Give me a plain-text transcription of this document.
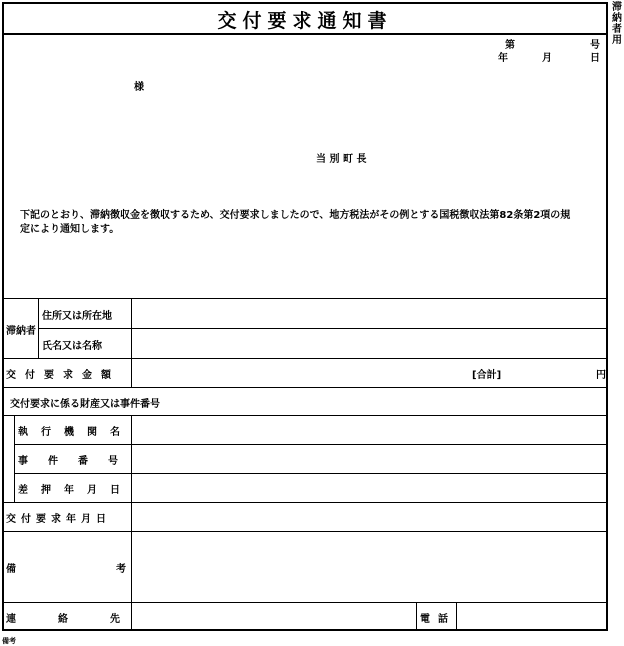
交付要求通知書
第	号
年	月	日
様
当 別 町 長
下記のとおり、滞納徴収金を徴収するため、交付要求しましたので、地方税法がその例とする国税徴収法第82条第2項の規定により通知します。
滞納者
住所又は所在地
氏名又は名称
交付要求金額	[合計]	円
交付要求に係る財産又は事件番号
執行機関名
事件番号
差押年月日
交付要求年月日
備考
連絡先	電話
滞
納
者
用
備考
